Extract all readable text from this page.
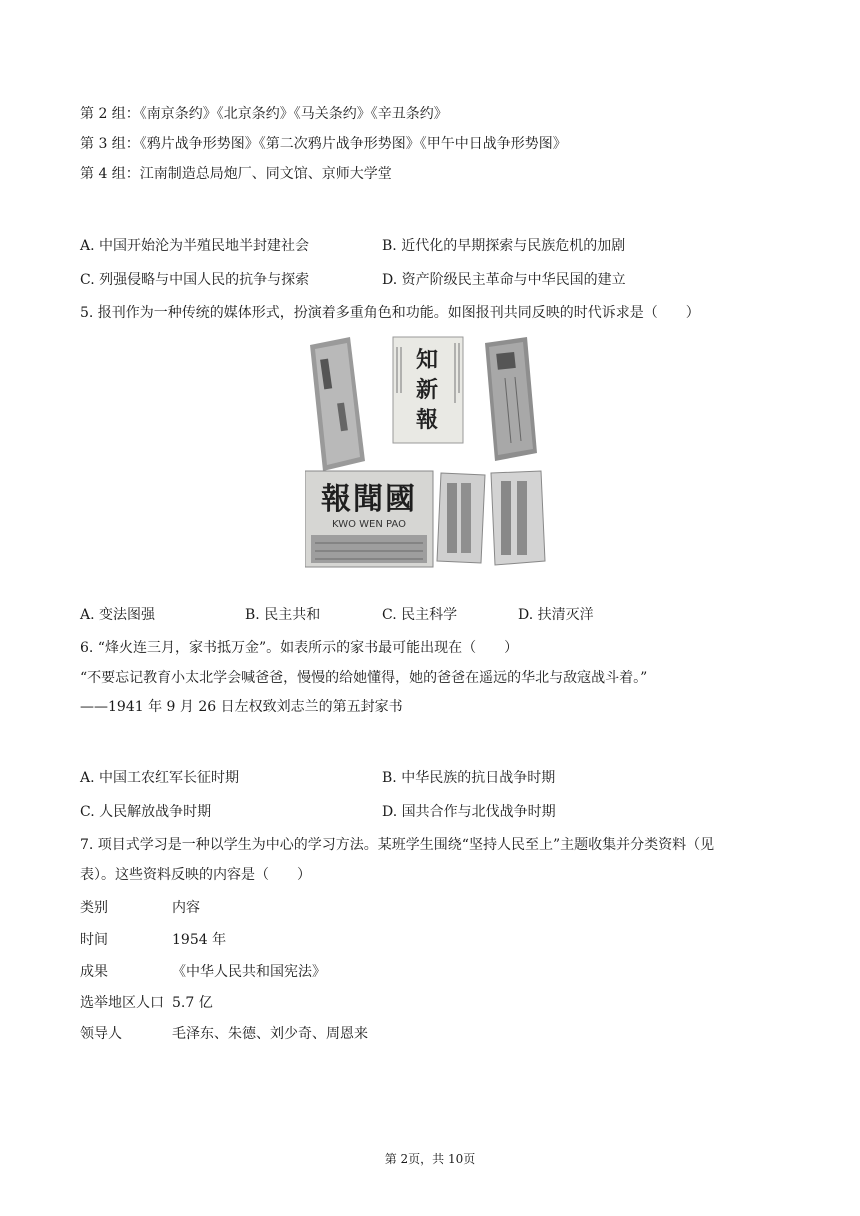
第 2 组：《南京条约》《北京条约》《马关条约》《辛丑条约》
第 3 组：《鸦片战争形势图》《第二次鸦片战争形势图》《甲午中日战争形势图》
第 4 组：江南制造总局炮厂、同文馆、京师大学堂
A. 中国开始沦为半殖民地半封建社会	B. 近代化的早期探索与民族危机的加剧
C. 列强侵略与中国人民的抗争与探索	D. 资产阶级民主革命与中华民国的建立
5. 报刊作为一种传统的媒体形式，扮演着多重角色和功能。如图报刊共同反映的时代诉求是（　　）
知
新
報
報聞國
KWO WEN PAO
A. 变法图强	B. 民主共和	C. 民主科学	D. 扶清灭洋
6. “烽火连三月，家书抵万金”。如表所示的家书最可能出现在（　　）
“不要忘记教育小太北学会喊爸爸，慢慢的给她懂得，她的爸爸在遥远的华北与敌寇战斗着。”
——1941 年 9 月 26 日左权致刘志兰的第五封家书
A. 中国工农红军长征时期	B. 中华民族的抗日战争时期
C. 人民解放战争时期	D. 国共合作与北伐战争时期
7. 项目式学习是一种以学生为中心的学习方法。某班学生围绕“坚持人民至上”主题收集并分类资料（见
表）。这些资料反映的内容是（　　）
类别	内容
时间	1954 年
成果	《中华人民共和国宪法》
选举地区人口 5.7 亿
领导人	毛泽东、朱德、刘少奇、周恩来
第 2页，共 10页
